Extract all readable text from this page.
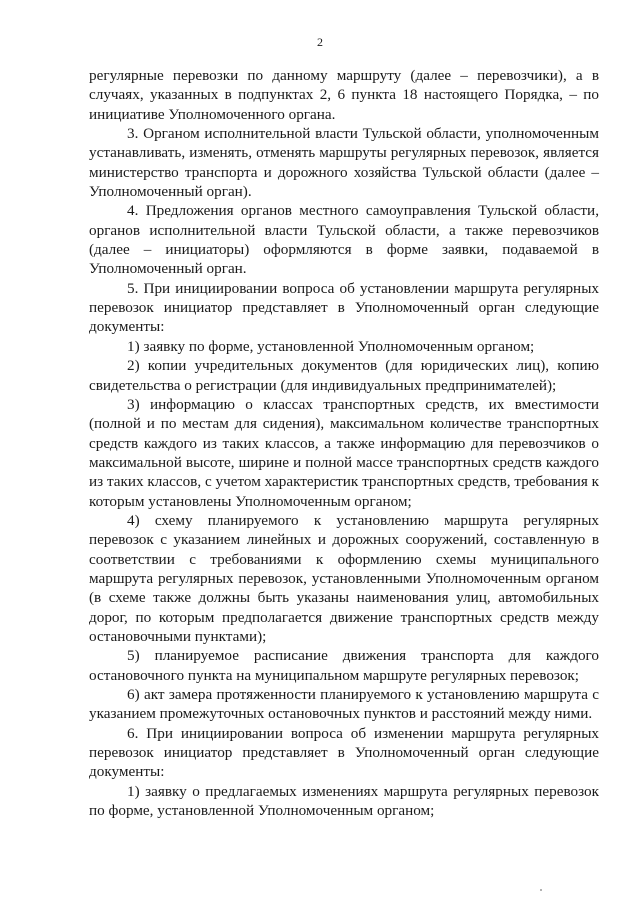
2

регулярные перевозки по данному маршруту (далее – перевозчики), а в случаях, указанных в подпунктах 2, 6 пункта 18 настоящего Порядка, – по инициативе Уполномоченного органа.

3. Органом исполнительной власти Тульской области, уполномоченным устанавливать, изменять, отменять маршруты регулярных перевозок, является министерство транспорта и дорожного хозяйства Тульской области (далее – Уполномоченный орган).

4. Предложения органов местного самоуправления Тульской области, органов исполнительной власти Тульской области, а также перевозчиков (далее – инициаторы) оформляются в форме заявки, подаваемой в Уполномоченный орган.

5. При инициировании вопроса об установлении маршрута регулярных перевозок инициатор представляет в Уполномоченный орган следующие документы:

1) заявку по форме, установленной Уполномоченным органом;

2) копии учредительных документов (для юридических лиц), копию свидетельства о регистрации (для индивидуальных предпринимателей);

3) информацию о классах транспортных средств, их вместимости (полной и по местам для сидения), максимальном количестве транспортных средств каждого из таких классов, а также информацию для перевозчиков о максимальной высоте, ширине и полной массе транспортных средств каждого из таких классов, с учетом характеристик транспортных средств, требования к которым установлены Уполномоченным органом;

4) схему планируемого к установлению маршрута регулярных перевозок с указанием линейных и дорожных сооружений, составленную в соответствии с требованиями к оформлению схемы муниципального маршрута регулярных перевозок, установленными Уполномоченным органом (в схеме также должны быть указаны наименования улиц, автомобильных дорог, по которым предполагается движение транспортных средств между остановочными пунктами);

5) планируемое расписание движения транспорта для каждого остановочного пункта на муниципальном маршруте регулярных перевозок;

6) акт замера протяженности планируемого к установлению маршрута с указанием промежуточных остановочных пунктов и расстояний между ними.

6. При инициировании вопроса об изменении маршрута регулярных перевозок инициатор представляет в Уполномоченный орган следующие документы:

1) заявку о предлагаемых изменениях маршрута регулярных перевозок по форме, установленной Уполномоченным органом;
